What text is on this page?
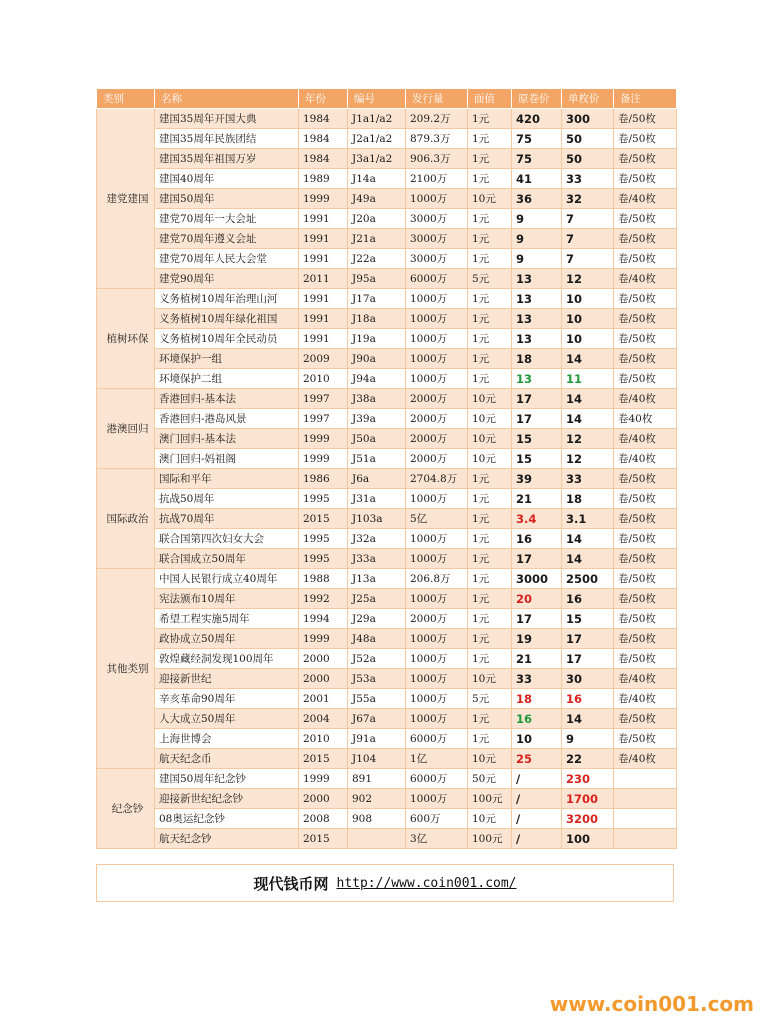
类别	名称	年份	编号	发行量	面值	原卷价	单枚价	备注
建党建国	建国35周年开国大典	1984	J1a1/a2	209.2万	1元	420	300	卷/50枚
	建国35周年民族团结	1984	J2a1/a2	879.3万	1元	75	50	卷/50枚
	建国35周年祖国万岁	1984	J3a1/a2	906.3万	1元	75	50	卷/50枚
	建国40周年	1989	J14a	2100万	1元	41	33	卷/50枚
	建国50周年	1999	J49a	1000万	10元	36	32	卷/40枚
	建党70周年一大会址	1991	J20a	3000万	1元	9	7	卷/50枚
	建党70周年遵义会址	1991	J21a	3000万	1元	9	7	卷/50枚
	建党70周年人民大会堂	1991	J22a	3000万	1元	9	7	卷/50枚
	建党90周年	2011	J95a	6000万	5元	13	12	卷/40枚
植树环保	义务植树10周年治理山河	1991	J17a	1000万	1元	13	10	卷/50枚
	义务植树10周年绿化祖国	1991	J18a	1000万	1元	13	10	卷/50枚
	义务植树10周年全民动员	1991	J19a	1000万	1元	13	10	卷/50枚
	环境保护一组	2009	J90a	1000万	1元	18	14	卷/50枚
	环境保护二组	2010	J94a	1000万	1元	13	11	卷/50枚
港澳回归	香港回归-基本法	1997	J38a	2000万	10元	17	14	卷/40枚
	香港回归-港岛风景	1997	J39a	2000万	10元	17	14	卷40枚
	澳门回归-基本法	1999	J50a	2000万	10元	15	12	卷/40枚
	澳门回归-妈祖阁	1999	J51a	2000万	10元	15	12	卷/40枚
国际政治	国际和平年	1986	J6a	2704.8万	1元	39	33	卷/50枚
	抗战50周年	1995	J31a	1000万	1元	21	18	卷/50枚
	抗战70周年	2015	J103a	5亿	1元	3.4	3.1	卷/50枚
	联合国第四次妇女大会	1995	J32a	1000万	1元	16	14	卷/50枚
	联合国成立50周年	1995	J33a	1000万	1元	17	14	卷/50枚
其他类别	中国人民银行成立40周年	1988	J13a	206.8万	1元	3000	2500	卷/50枚
	宪法颁布10周年	1992	J25a	1000万	1元	20	16	卷/50枚
	希望工程实施5周年	1994	J29a	2000万	1元	17	15	卷/50枚
	政协成立50周年	1999	J48a	1000万	1元	19	17	卷/50枚
	敦煌藏经洞发现100周年	2000	J52a	1000万	1元	21	17	卷/50枚
	迎接新世纪	2000	J53a	1000万	10元	33	30	卷/40枚
	辛亥革命90周年	2001	J55a	1000万	5元	18	16	卷/40枚
	人大成立50周年	2004	J67a	1000万	1元	16	14	卷/50枚
	上海世博会	2010	J91a	6000万	1元	10	9	卷/50枚
	航天纪念币	2015	J104	1亿	10元	25	22	卷/40枚
纪念钞	建国50周年纪念钞	1999	891	6000万	50元	/	230	
	迎接新世纪纪念钞	2000	902	1000万	100元	/	1700	
	08奥运纪念钞	2008	908	600万	10元	/	3200	
	航天纪念钞	2015		3亿	100元	/	100	
现代钱币网 http://www.coin001.com/
www.coin001.com
